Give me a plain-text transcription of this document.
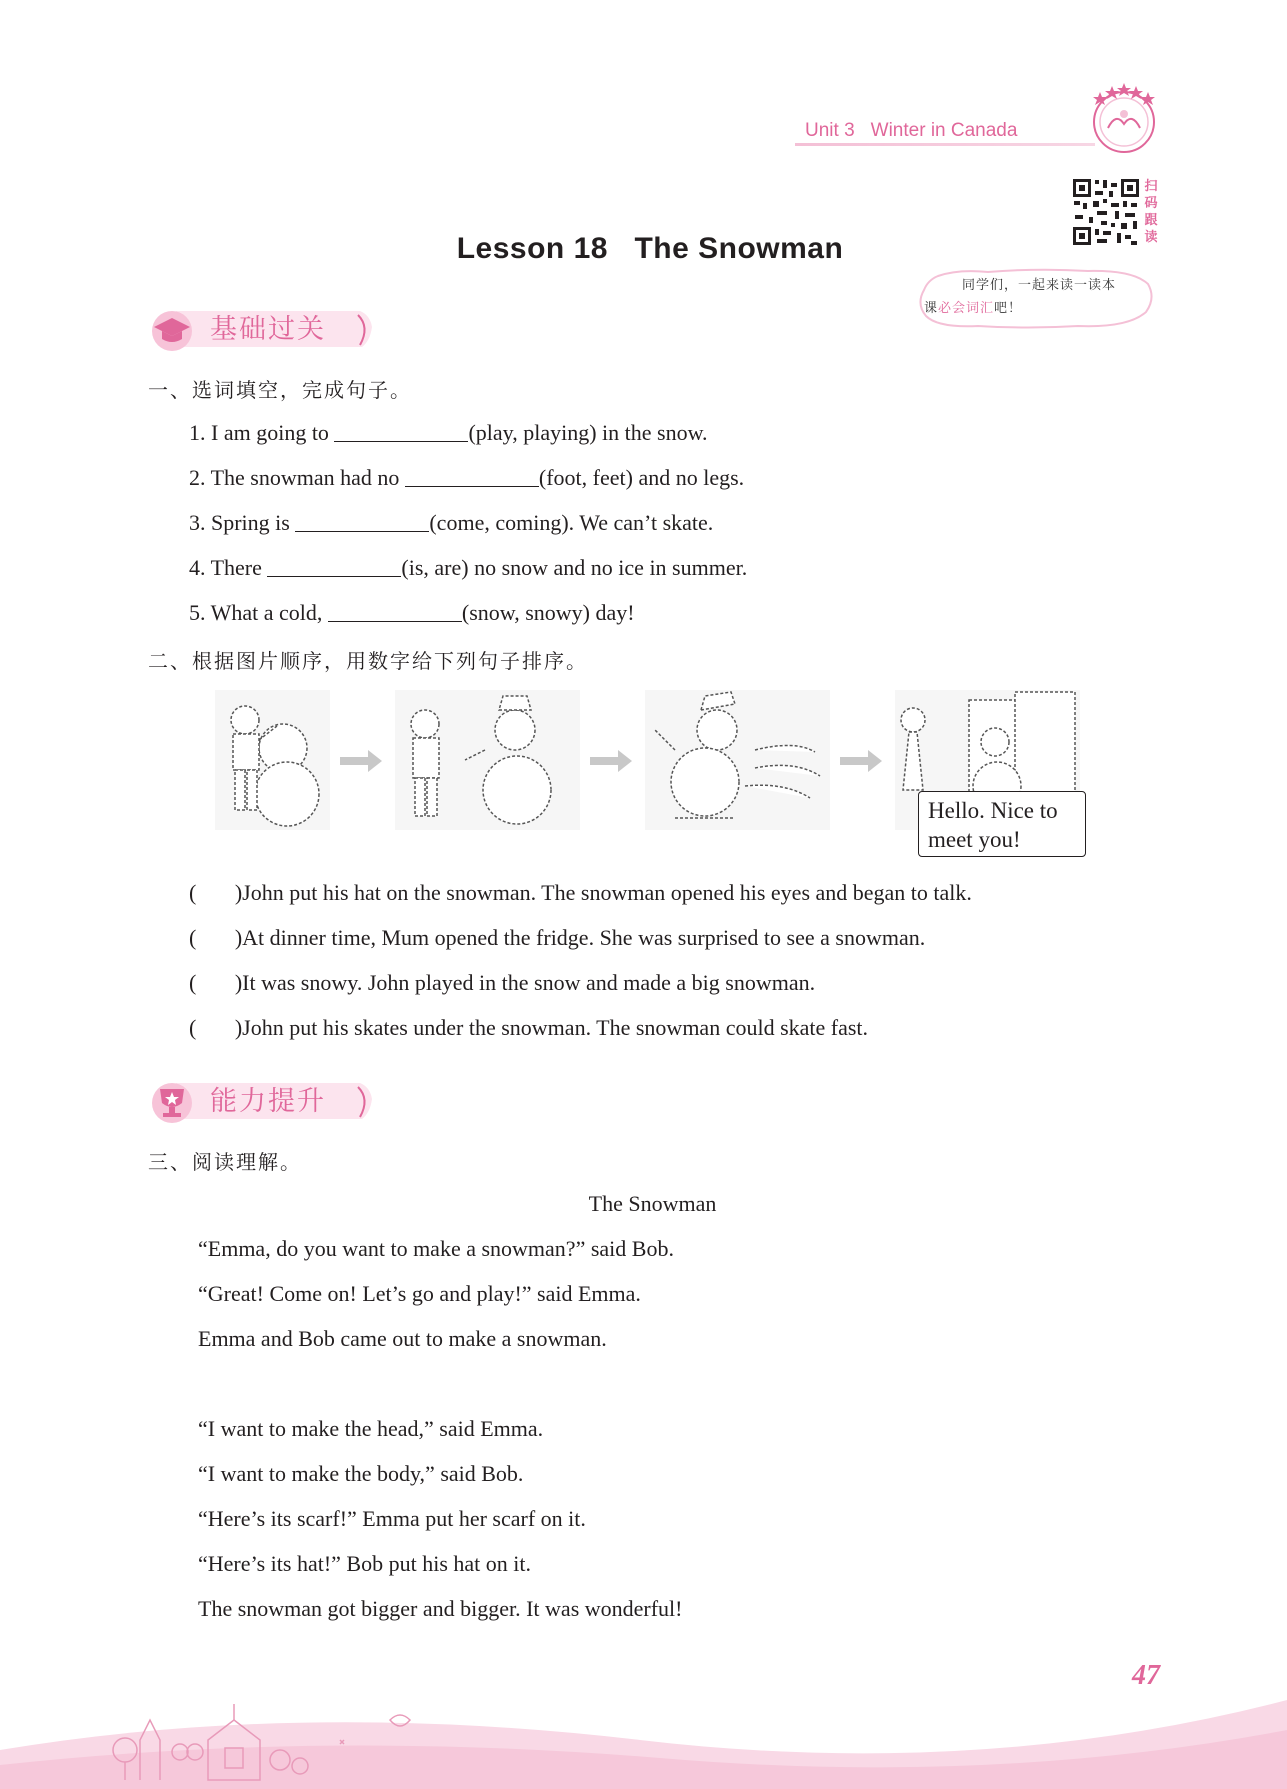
Unit 3 Winter in Canada
扫
码
跟
读
Lesson 18   The Snowman
同学们，一起来读一读本
课必会词汇吧！
基础过关
一、选词填空，完成句子。
1. I am going to	(play, playing) in the snow.
2. The snowman had no	(foot, feet) and no legs.
3. Spring is	(come, coming). We can’t skate.
4. There	(is, are) no snow and no ice in summer.
5. What a cold,	(snow, snowy) day!
二、根据图片顺序，用数字给下列句子排序。
Hello. Nice to
meet you!
(       )John put his hat on the snowman. The snowman opened his eyes and began to talk.
(       )At dinner time, Mum opened the fridge. She was surprised to see a snowman.
(       )It was snowy. John played in the snow and made a big snowman.
(       )John put his skates under the snowman. The snowman could skate fast.
能力提升
三、阅读理解。
The Snowman
“Emma, do you want to make a snowman?” said Bob.
“Great! Come on! Let’s go and play!” said Emma.
Emma and Bob came out to make a snowman.
“I want to make the head,” said Emma.
“I want to make the body,” said Bob.
“Here’s its scarf!” Emma put her scarf on it.
“Here’s its hat!” Bob put his hat on it.
The snowman got bigger and bigger. It was wonderful!
47
